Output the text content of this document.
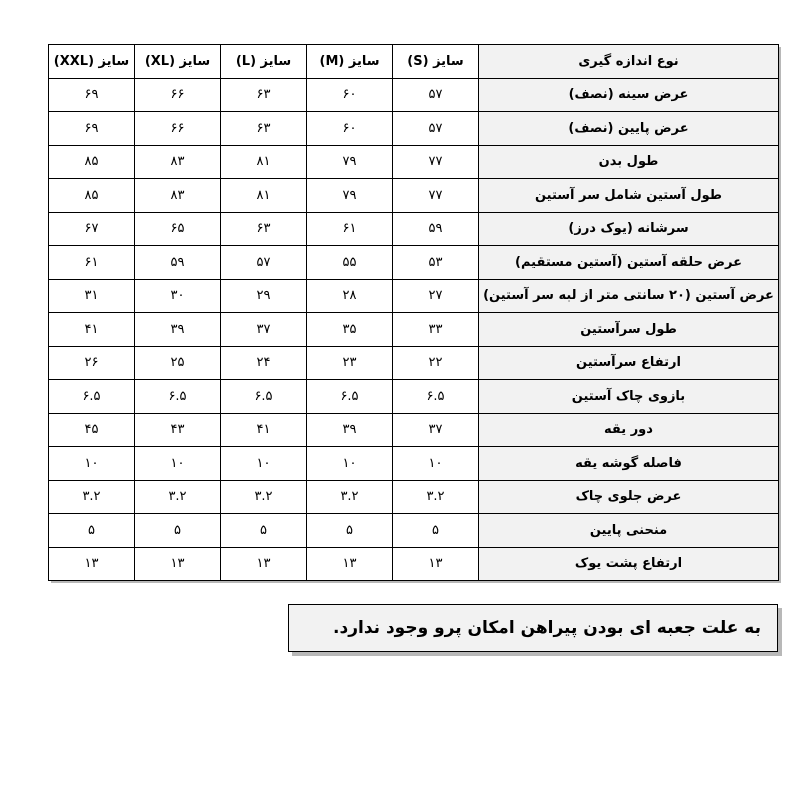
نوع اندازه گیری	سایز (S)	سایز (M)	سایز (L)	سایز (XL)	سایز (XXL)
عرض سینه (نصف)	۵۷	۶۰	۶۳	۶۶	۶۹
عرض پایین (نصف)	۵۷	۶۰	۶۳	۶۶	۶۹
طول بدن	۷۷	۷۹	۸۱	۸۳	۸۵
طول آستین شامل سر آستین	۷۷	۷۹	۸۱	۸۳	۸۵
سرشانه (یوک درز)	۵۹	۶۱	۶۳	۶۵	۶۷
عرض حلقه آستین (آستین مستقیم)	۵۳	۵۵	۵۷	۵۹	۶۱
عرض آستین (۲۰ سانتی متر از لبه سر آستین)	۲۷	۲۸	۲۹	۳۰	۳۱
طول سرآستین	۳۳	۳۵	۳۷	۳۹	۴۱
ارتفاع سرآستین	۲۲	۲۳	۲۴	۲۵	۲۶
بازوی چاک آستین	۶.۵	۶.۵	۶.۵	۶.۵	۶.۵
دور یقه	۳۷	۳۹	۴۱	۴۳	۴۵
فاصله گوشه یقه	۱۰	۱۰	۱۰	۱۰	۱۰
عرض جلوی چاک	۳.۲	۳.۲	۳.۲	۳.۲	۳.۲
منحنی پایین	۵	۵	۵	۵	۵
ارتفاع پشت یوک	۱۳	۱۳	۱۳	۱۳	۱۳
به علت جعبه ای بودن پیراهن امکان پرو وجود ندارد.
